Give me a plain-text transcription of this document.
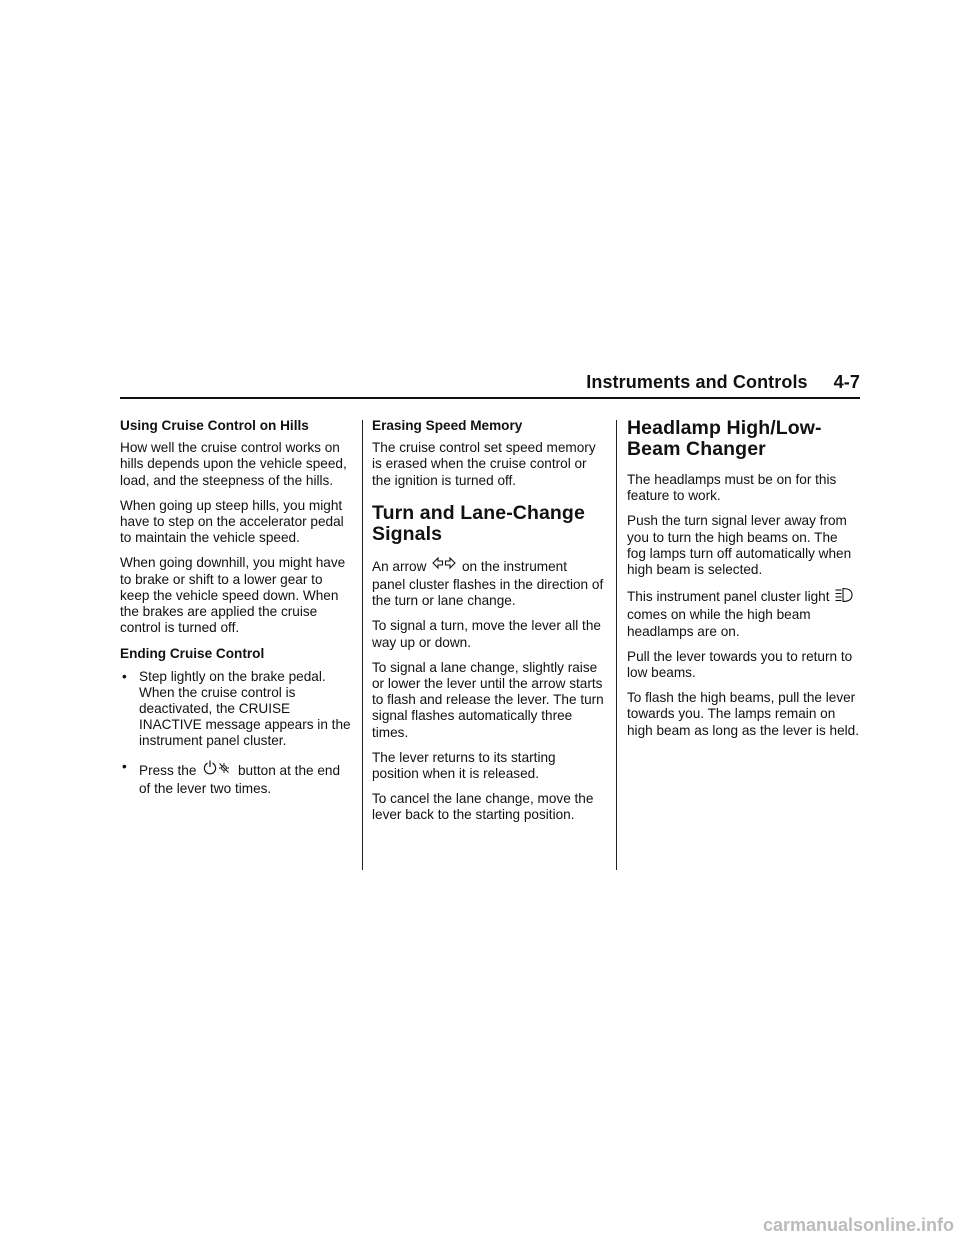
Instruments and Controls 4-7
Using Cruise Control on Hills

How well the cruise control works on hills depends upon the vehicle speed, load, and the steepness of the hills.

When going up steep hills, you might have to step on the accelerator pedal to maintain the vehicle speed.

When going downhill, you might have to brake or shift to a lower gear to keep the vehicle speed down. When the brakes are applied the cruise control is turned off.

Ending Cruise Control
• Step lightly on the brake pedal. When the cruise control is deactivated, the CRUISE INACTIVE message appears in the instrument panel cluster.
• Press the	button at the end of the lever two times.
Erasing Speed Memory

The cruise control set speed memory is erased when the cruise control or the ignition is turned off.

Turn and Lane-Change Signals

An arrow	on the instrument panel cluster flashes in the direction of the turn or lane change.

To signal a turn, move the lever all the way up or down.

To signal a lane change, slightly raise or lower the lever until the arrow starts to flash and release the lever. The turn signal flashes automatically three times.

The lever returns to its starting position when it is released.

To cancel the lane change, move the lever back to the starting position.

Headlamp High/Low-Beam Changer

The headlamps must be on for this feature to work.

Push the turn signal lever away from you to turn the high beams on. The fog lamps turn off automatically when high beam is selected.

This instrument panel cluster light  comes on while the high beam headlamps are on.

Pull the lever towards you to return to low beams.

To flash the high beams, pull the lever towards you. The lamps remain on high beam as long as the lever is held.

carmanualsonline.info
